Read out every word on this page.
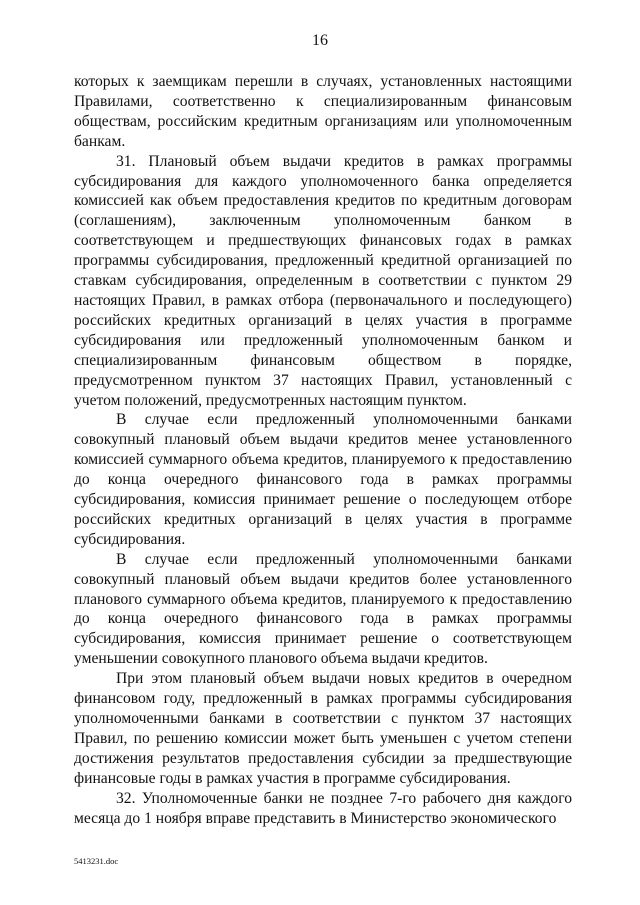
16

которых к заемщикам перешли в случаях, установленных настоящими Правилами, соответственно к специализированным финансовым обществам, российским кредитным организациям или уполномоченным банкам.

31. Плановый объем выдачи кредитов в рамках программы субсидирования для каждого уполномоченного банка определяется комиссией как объем предоставления кредитов по кредитным договорам (соглашениям), заключенным уполномоченным банком в соответствующем и предшествующих финансовых годах в рамках программы субсидирования, предложенный кредитной организацией по ставкам субсидирования, определенным в соответствии с пунктом 29 настоящих Правил, в рамках отбора (первоначального и последующего) российских кредитных организаций в целях участия в программе субсидирования или предложенный уполномоченным банком и специализированным финансовым обществом в порядке, предусмотренном пунктом 37 настоящих Правил, установленный с учетом положений, предусмотренных настоящим пунктом.

В случае если предложенный уполномоченными банками совокупный плановый объем выдачи кредитов менее установленного комиссией суммарного объема кредитов, планируемого к предоставлению до конца очередного финансового года в рамках программы субсидирования, комиссия принимает решение о последующем отборе российских кредитных организаций в целях участия в программе субсидирования.

В случае если предложенный уполномоченными банками совокупный плановый объем выдачи кредитов более установленного планового суммарного объема кредитов, планируемого к предоставлению до конца очередного финансового года в рамках программы субсидирования, комиссия принимает решение о соответствующем уменьшении совокупного планового объема выдачи кредитов.

При этом плановый объем выдачи новых кредитов в очередном финансовом году, предложенный в рамках программы субсидирования уполномоченными банками в соответствии с пунктом 37 настоящих Правил, по решению комиссии может быть уменьшен с учетом степени достижения результатов предоставления субсидии за предшествующие финансовые годы в рамках участия в программе субсидирования.

32. Уполномоченные банки не позднее 7-го рабочего дня каждого месяца до 1 ноября вправе представить в Министерство экономического

5413231.doc
